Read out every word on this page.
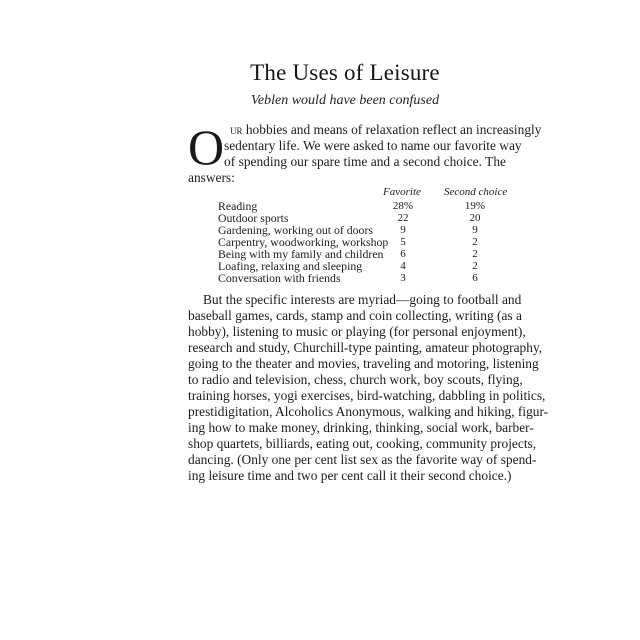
The Uses of Leisure
Veblen would have been confused
O ur hobbies and means of relaxation reflect an increasingly
sedentary life. We were asked to name our favorite way
of spending our spare time and a second choice. The
answers:
Favorite Second choice
Reading	28%	19%
Outdoor sports	22	20
Gardening, working out of doors	9	9
Carpentry, woodworking, workshop	5	2
Being with my family and children	6	2
Loafing, relaxing and sleeping	4	2
Conversation with friends	3	6
But the specific interests are myriad—going to football and
baseball games, cards, stamp and coin collecting, writing (as a
hobby), listening to music or playing (for personal enjoyment),
research and study, Churchill-type painting, amateur photography,
going to the theater and movies, traveling and motoring, listening
to radio and television, chess, church work, boy scouts, flying,
training horses, yogi exercises, bird-watching, dabbling in politics,
prestidigitation, Alcoholics Anonymous, walking and hiking, figur-
ing how to make money, drinking, thinking, social work, barber-
shop quartets, billiards, eating out, cooking, community projects,
dancing. (Only one per cent list sex as the favorite way of spend-
ing leisure time and two per cent call it their second choice.)
